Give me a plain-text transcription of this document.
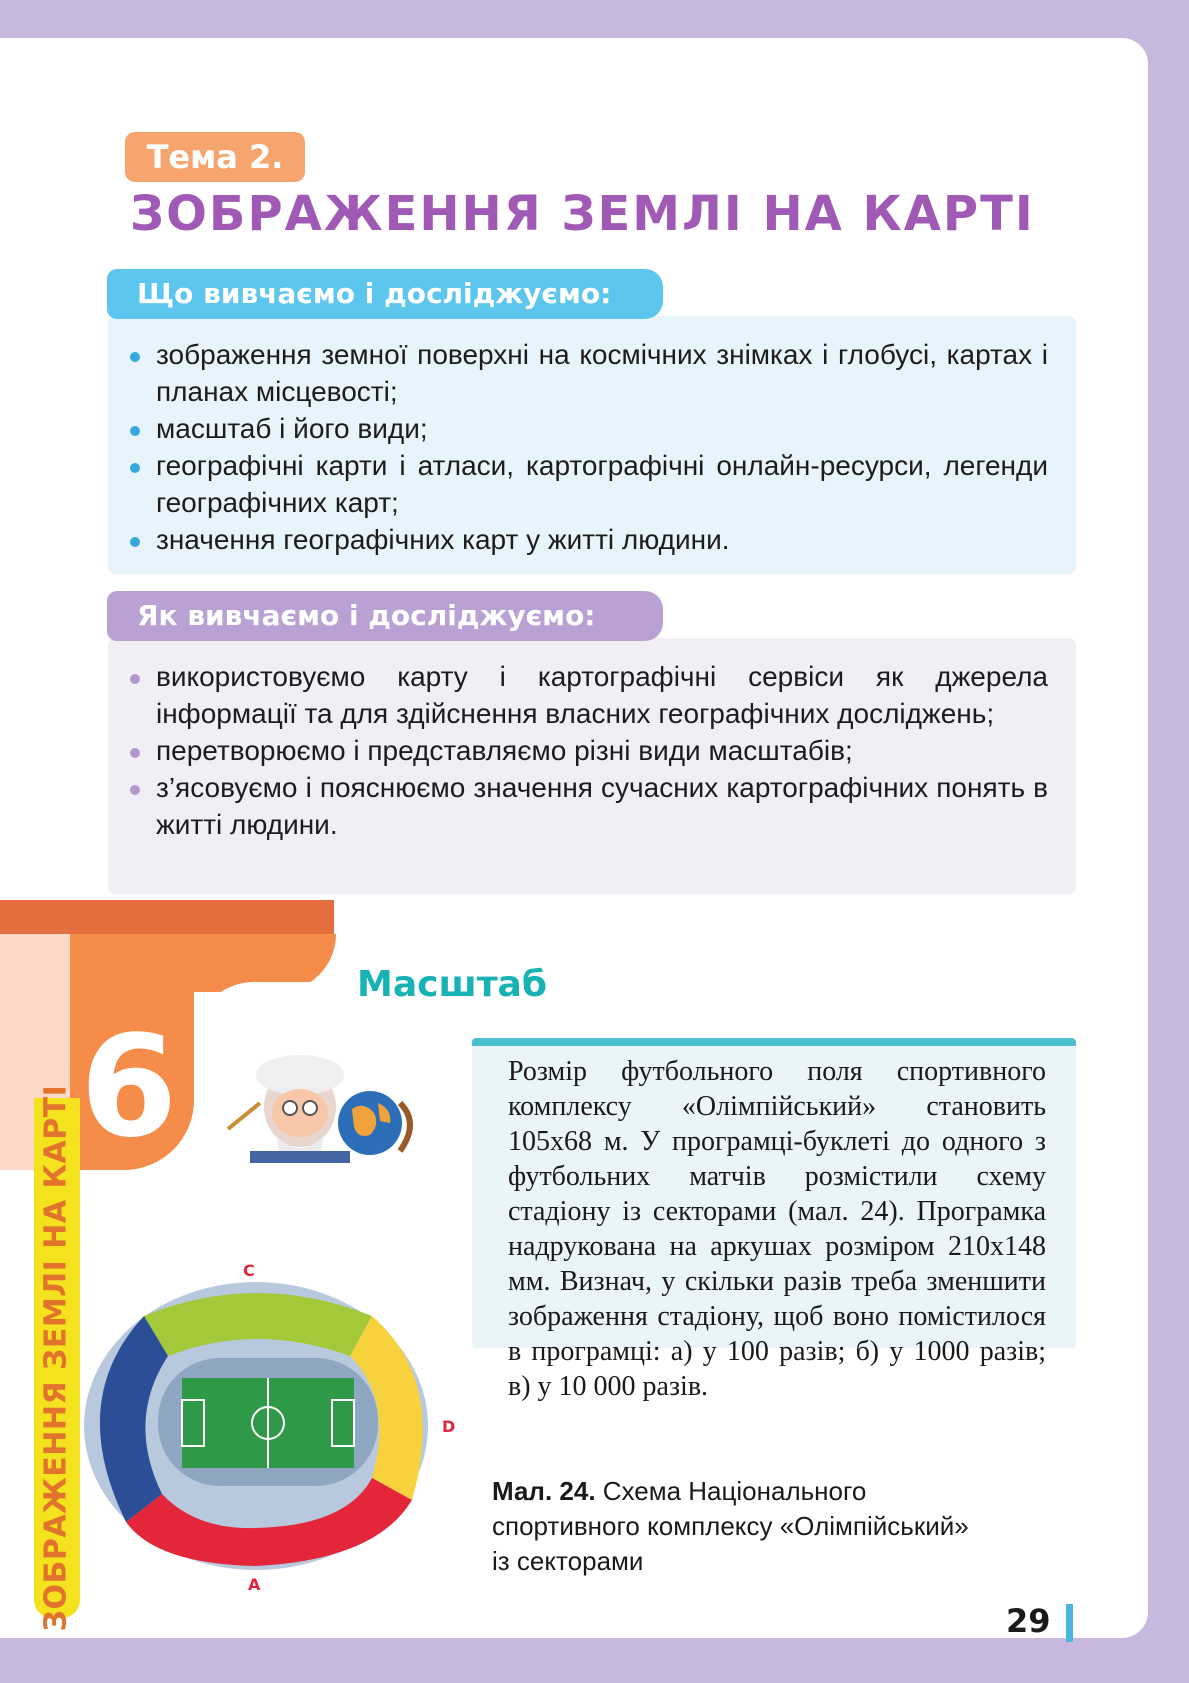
Тема 2.
ЗОБРАЖЕННЯ ЗЕМЛІ НА КАРТІ
Що вивчаємо і досліджуємо:
зображення земної поверхні на космічних знімках і глобусі, картах і планах місцевості;
масштаб і його види;
географічні карти і атласи, картографічні онлайн-ресурси, легенди географічних карт;
значення географічних карт у житті людини.
Як вивчаємо і досліджуємо:
використовуємо карту і картографічні сервіси як джерела інформації та для здійснення власних географічних досліджень;
перетворюємо і представляємо різні види масштабів;
з’ясовуємо і пояснюємо значення сучасних картографічних понять в житті людини.
6
ЗОБРАЖЕННЯ ЗЕМЛІ НА КАРТІ
Масштаб

Розмір футбольного поля спортивного комплексу «Олімпійський» становить 105х68 м. У програмці-буклеті до одного з футбольних матчів розмістили схему стадіону із секторами (мал. 24). Програмка надрукована на аркушах розміром 210х148 мм. Визнач, у скільки разів треба зменшити зображення стадіону, щоб воно помістилося в програмці: а) у 100 разів; б) у 1000 разів; в) у 10 000 разів.

C
D
A

Мал. 24. Схема Національного спортивного комплексу «Олімпійський» із секторами

29
